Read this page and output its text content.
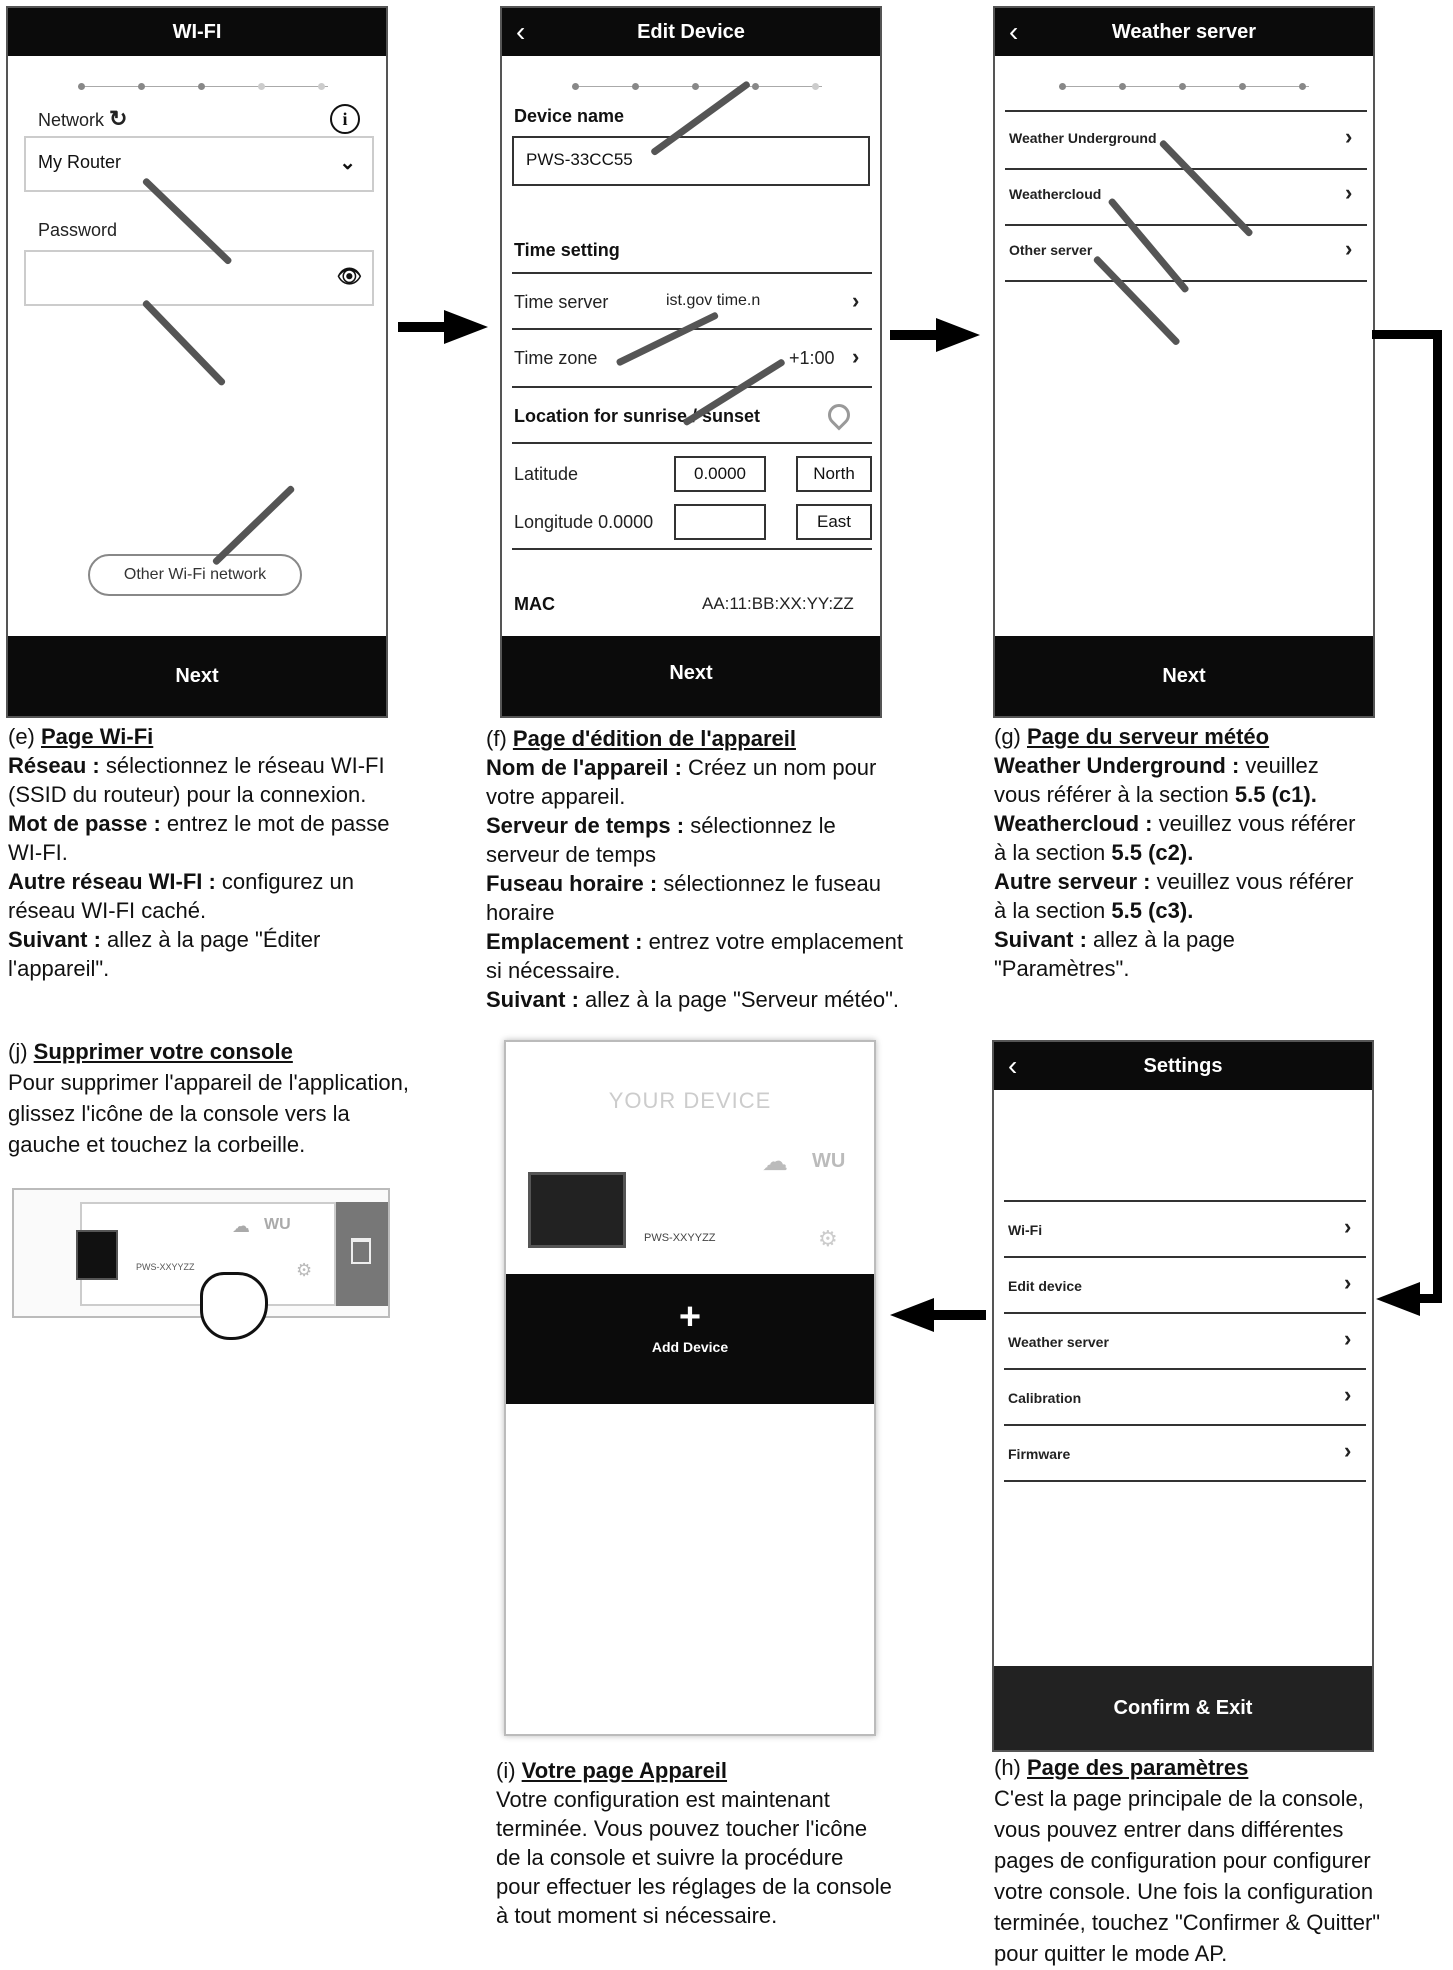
WI-FI
Network ↻	i
My Router	⌄
Password
👁︎
Other Wi-Fi network
Next
‹	Edit Device
Device name
PWS-33CC55
Time setting
Time server	ist.gov time.n	›
Time zone	+1:00 ›
Location for sunrise / sunset
Latitude	0.0000	North
Longitude 0.0000	East
MAC	AA:11:BB:XX:YY:ZZ
Next
‹	Weather server
Weather Underground	›
Weathercloud	›
Other server	›
Next
(e) Page Wi-Fi
Réseau : sélectionnez le réseau WI-FI
(SSID du routeur) pour la connexion.
Mot de passe : entrez le mot de passe
WI-FI.
Autre réseau WI-FI : configurez un
réseau WI-FI caché.
Suivant : allez à la page "Éditer
l'appareil".
(f) Page d'édition de l'appareil
Nom de l'appareil : Créez un nom pour
votre appareil.
Serveur de temps : sélectionnez le
serveur de temps
Fuseau horaire : sélectionnez le fuseau
horaire
Emplacement : entrez votre emplacement
si nécessaire.
Suivant : allez à la page "Serveur météo".
(g) Page du serveur météo
Weather Underground : veuillez
vous référer à la section 5.5 (c1).
Weathercloud : veuillez vous référer
à la section 5.5 (c2).
Autre serveur : veuillez vous référer
à la section 5.5 (c3).
Suivant : allez à la page
"Paramètres".
(j) Supprimer votre console
Pour supprimer l'appareil de l'application,
glissez l'icône de la console vers la
gauche et touchez la corbeille.
☁ WU
PWS-XXYYZZ	⚙
YOUR DEVICE
☁ WU
PWS-XXYYZZ	⚙
+
Add Device
‹	Settings
Wi-Fi	›
Edit device	›
Weather server	›
Calibration	›
Firmware	›
Confirm & Exit
(i) Votre page Appareil
Votre configuration est maintenant
terminée. Vous pouvez toucher l'icône
de la console et suivre la procédure
pour effectuer les réglages de la console
à tout moment si nécessaire.
(h) Page des paramètres
C'est la page principale de la console,
vous pouvez entrer dans différentes
pages de configuration pour configurer
votre console. Une fois la configuration
terminée, touchez "Confirmer & Quitter"
pour quitter le mode AP.
